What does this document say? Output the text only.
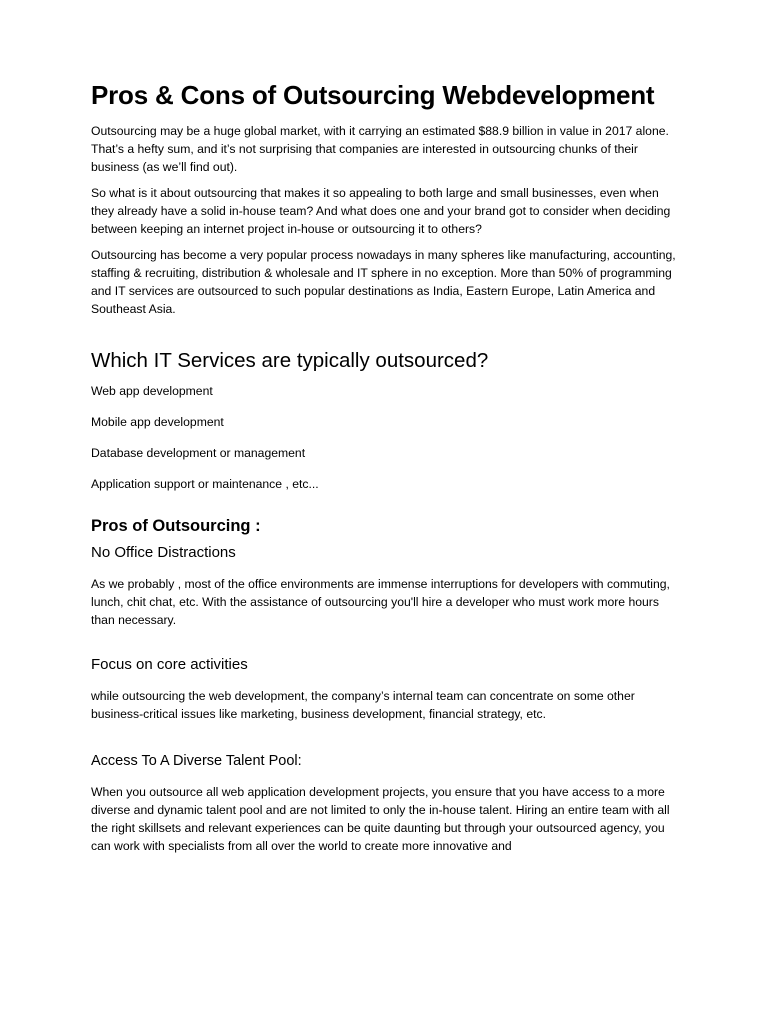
Pros & Cons of Outsourcing Webdevelopment

Outsourcing may be a huge global market, with it carrying an estimated $88.9 billion in value in 2017 alone. That’s a hefty sum, and it’s not surprising that companies are interested in outsourcing chunks of their business (as we’ll find out).

So what is it about outsourcing that makes it so appealing to both large and small businesses, even when they already have a solid in-house team? And what does one and your brand got to consider when deciding between keeping an internet project in-house or outsourcing it to others?

Outsourcing has become a very popular process nowadays in many spheres like manufacturing, accounting, staffing & recruiting, distribution & wholesale and IT sphere in no exception. More than 50% of programming and IT services are outsourced to such popular destinations as India, Eastern Europe, Latin America and Southeast Asia.

Which IT Services are typically outsourced?

Web app development

Mobile app development

Database development or management

Application support or maintenance , etc...

Pros of Outsourcing :
No Office Distractions

As we probably , most of the office environments are immense interruptions for developers with commuting, lunch, chit chat, etc. With the assistance of outsourcing you'll hire a developer who must work more hours than necessary.

Focus on core activities

while outsourcing the web development, the company’s internal team can concentrate on some other business-critical issues like marketing, business development, financial strategy, etc.

Access To A Diverse Talent Pool:

When you outsource all web application development projects, you ensure that you have access to a more diverse and dynamic talent pool and are not limited to only the in-house talent. Hiring an entire team with all the right skillsets and relevant experiences can be quite daunting but through your outsourced agency, you can work with specialists from all over the world to create more innovative and
